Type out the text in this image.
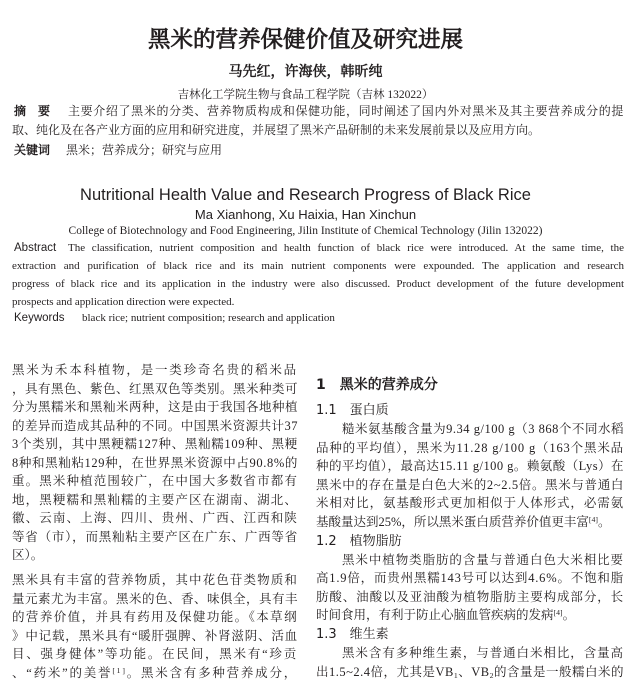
黑米的营养保健价值及研究进展
马先红，许海侠，韩昕纯
吉林化工学院生物与食品工程学院（吉林 132022）
摘　要 主要介绍了黑米的分类、营养物质构成和保健功能，同时阐述了国内外对黑米及其主要营养成分的提
取、纯化及在各产业方面的应用和研究进度，并展望了黑米产品研制的未来发展前景以及应用方向。
关键词 黑米；营养成分；研究与应用
Nutritional Health Value and Research Progress of Black Rice
Ma Xianhong, Xu Haixia, Han Xinchun
College of Biotechnology and Food Engineering, Jilin Institute of Chemical Technology (Jilin 132022)
Abstract The classification, nutrient composition and health function of black rice were introduced. At the same time, the
extraction and purification of black rice and its main nutrient components were expounded. The application and research
progress of black rice and its application in the industry were also discussed. Product development of the future development
prospects and application direction were expected.
Keywords black rice; nutrient composition; research and application
黑米为禾本科植物，是一类珍奇名贵的稻米品
，具有黑色、紫色、红黑双色等类别。黑米种类可
分为黑糯米和黑籼米两种，这是由于我国各地种植
的差异而造成其品种的不同。中国黑米资源共计37
3个类别，其中黑粳糯127种、黑籼糯109种、黑粳
8种和黑籼粘129种，在世界黑米资源中占90.8%的
重。黑米种植范围较广，在中国大多数省市都有
地，黑粳糯和黑籼糯的主要产区在湖南、湖北、
徽、云南、上海、四川、贵州、广西、江西和陕
等省（市），而黑籼粘主要产区在广东、广西等省
区）。
黑米具有丰富的营养物质，其中花色苷类物质和
量元素尤为丰富。黑米的色、香、味俱全，具有丰
的营养价值，并具有药用及保健功能。《本草纲
》中记载，黑米具有“暖肝强脾、补肾滋阴、活血
目、强身健体”等功能。在民间，黑米有“珍贡
、“药米”的美誉[1]。黑米含有多种营养成分，
1　黑米的营养成分
1.1　蛋白质
糙米氨基酸含量为9.34 g/100 g（3 868个不同水稻
品种的平均值），黑米为11.28 g/100 g（163个黑米品
种的平均值），最高达15.11 g/100 g。赖氨酸（Lys）在
黑米中的存在量是白色大米的2~2.5倍。黑米与普通白
米相对比，氨基酸形式更加相似于人体形式，必需氨
基酸量达到25%，所以黑米蛋白质营养价值更丰富[4]。
1.2　植物脂肪
黑米中植物类脂肪的含量与普通白色大米相比要
高1.9倍，而贵州黑糯143号可以达到4.6%。不饱和脂
肪酸、油酸以及亚油酸为植物脂肪主要构成部分，长
时间食用，有利于防止心脑血管疾病的发病[4]。
1.3　维生素
黑米含有多种维生素，与普通白米相比，含量高
出1.5~2.4倍，尤其是$VB_1$、$VB_2$的含量是一般糯白米的
